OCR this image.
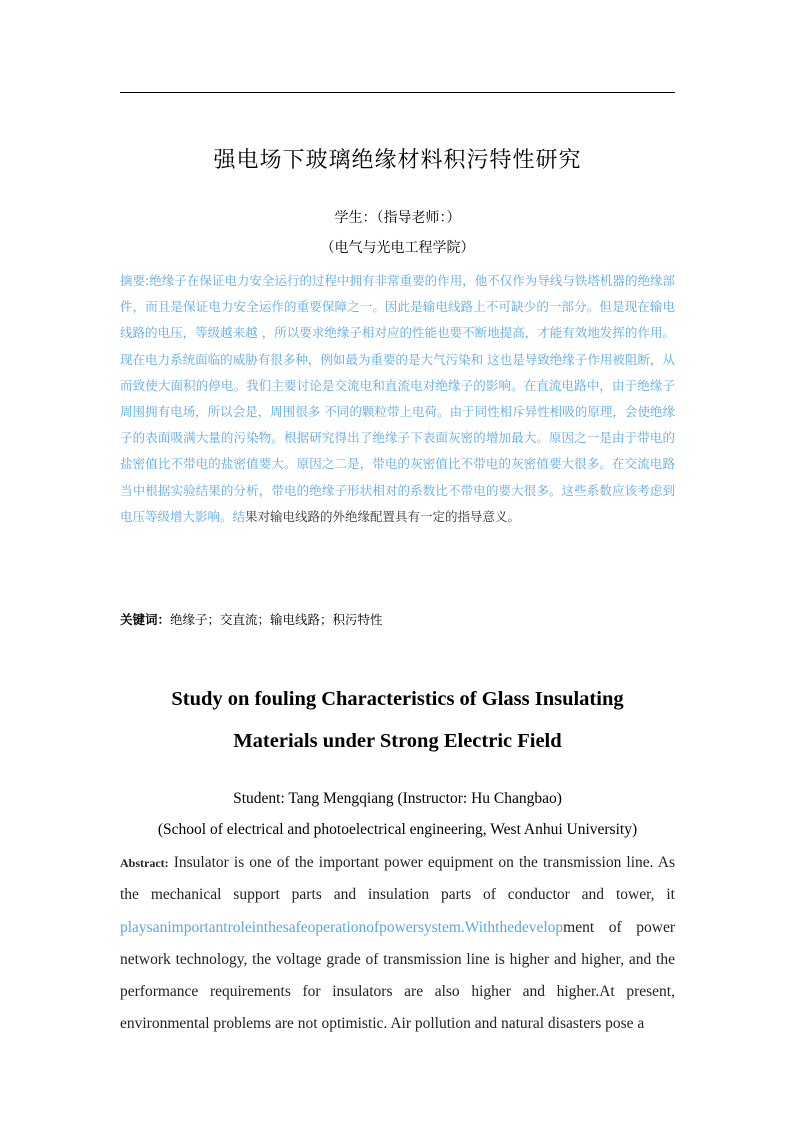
强电场下玻璃绝缘材料积污特性研究
学生：（指导老师：）
（电气与光电工程学院）

摘要:绝缘子在保证电力安全运行的过程中拥有非常重要的作用，他不仅作为导线与铁塔机器的绝缘部件，而且是保证电力安全运作的重要保障之一。因此是输电线路上不可缺少的一部分。但是现在输电线路的电压，等级越来越 ，所以要求绝缘子相对应的性能也要不断地提高，才能有效地发挥的作用。现在电力系统面临的威胁有很多种，例如最为重要的是大气污染和 这也是导致绝缘子作用被阻断，从而致使大面积的停电。我们主要讨论是交流电和直流电对绝缘子的影响。在直流电路中，由于绝缘子周围拥有电场，所以会是，周围很多 不同的颗粒带上电荷。由于同性相斥异性相吸的原理，会使绝缘子的表面吸满大量的污染物。根据研究得出了绝缘子下表面灰密的增加最大。原因之一是由于带电的盐密值比不带电的盐密值要大。原因之二是，带电的灰密值比不带电的灰密值要大很多。在交流电路当中根据实验结果的分析，带电的绝缘子形状相对的系数比不带电的要大很多。这些系数应该考虑到电压等级增大影响。结果对输电线路的外绝缘配置具有一定的指导意义。

关键词：绝缘子；交直流；输电线路；积污特性
Study on fouling Characteristics of Glass Insulating
Materials under Strong Electric Field
Student: Tang Mengqiang (Instructor: Hu Changbao)
(School of electrical and photoelectrical engineering, West Anhui University)

Abstract: Insulator is one of the important power equipment on the transmission line. As the mechanical support parts and insulation parts of conductor and tower, it playsanimportantroleinthesafeoperationofpowersystem.Withthedevelopment of power network technology, the voltage grade of transmission line is higher and higher, and the performance requirements for insulators are also higher and higher.At present, environmental problems are not optimistic. Air pollution and natural disasters pose a
